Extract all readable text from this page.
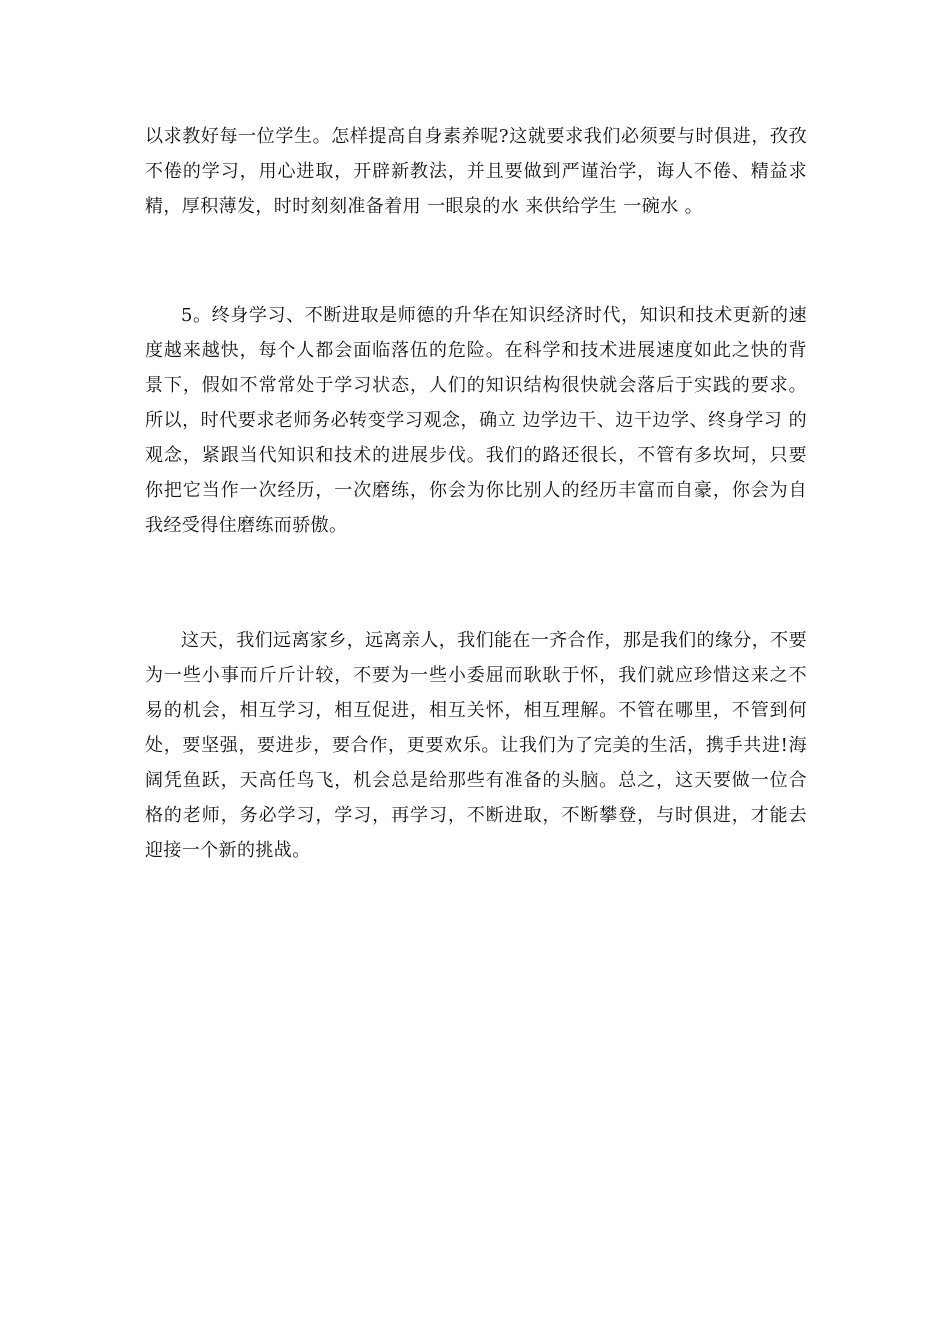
以求教好每一位学生。怎样提高自身素养呢?这就要求我们必须要与时俱进，孜孜不倦的学习，用心进取，开辟新教法，并且要做到严谨治学，诲人不倦、精益求精，厚积薄发，时时刻刻准备着用 一眼泉的水 来供给学生 一碗水 。

5。终身学习、不断进取是师德的升华在知识经济时代，知识和技术更新的速度越来越快，每个人都会面临落伍的危险。在科学和技术进展速度如此之快的背景下，假如不常常处于学习状态，人们的知识结构很快就会落后于实践的要求。所以，时代要求老师务必转变学习观念，确立 边学边干、边干边学、终身学习 的观念，紧跟当代知识和技术的进展步伐。我们的路还很长，不管有多坎坷，只要你把它当作一次经历，一次磨练，你会为你比别人的经历丰富而自豪，你会为自我经受得住磨练而骄傲。

这天，我们远离家乡，远离亲人，我们能在一齐合作，那是我们的缘分，不要为一些小事而斤斤计较，不要为一些小委屈而耿耿于怀，我们就应珍惜这来之不易的机会，相互学习，相互促进，相互关怀，相互理解。不管在哪里，不管到何处，要坚强，要进步，要合作，更要欢乐。让我们为了完美的生活，携手共进!海阔凭鱼跃，天高任鸟飞，机会总是给那些有准备的头脑。总之，这天要做一位合格的老师，务必学习，学习，再学习，不断进取，不断攀登，与时俱进，才能去迎接一个新的挑战。
